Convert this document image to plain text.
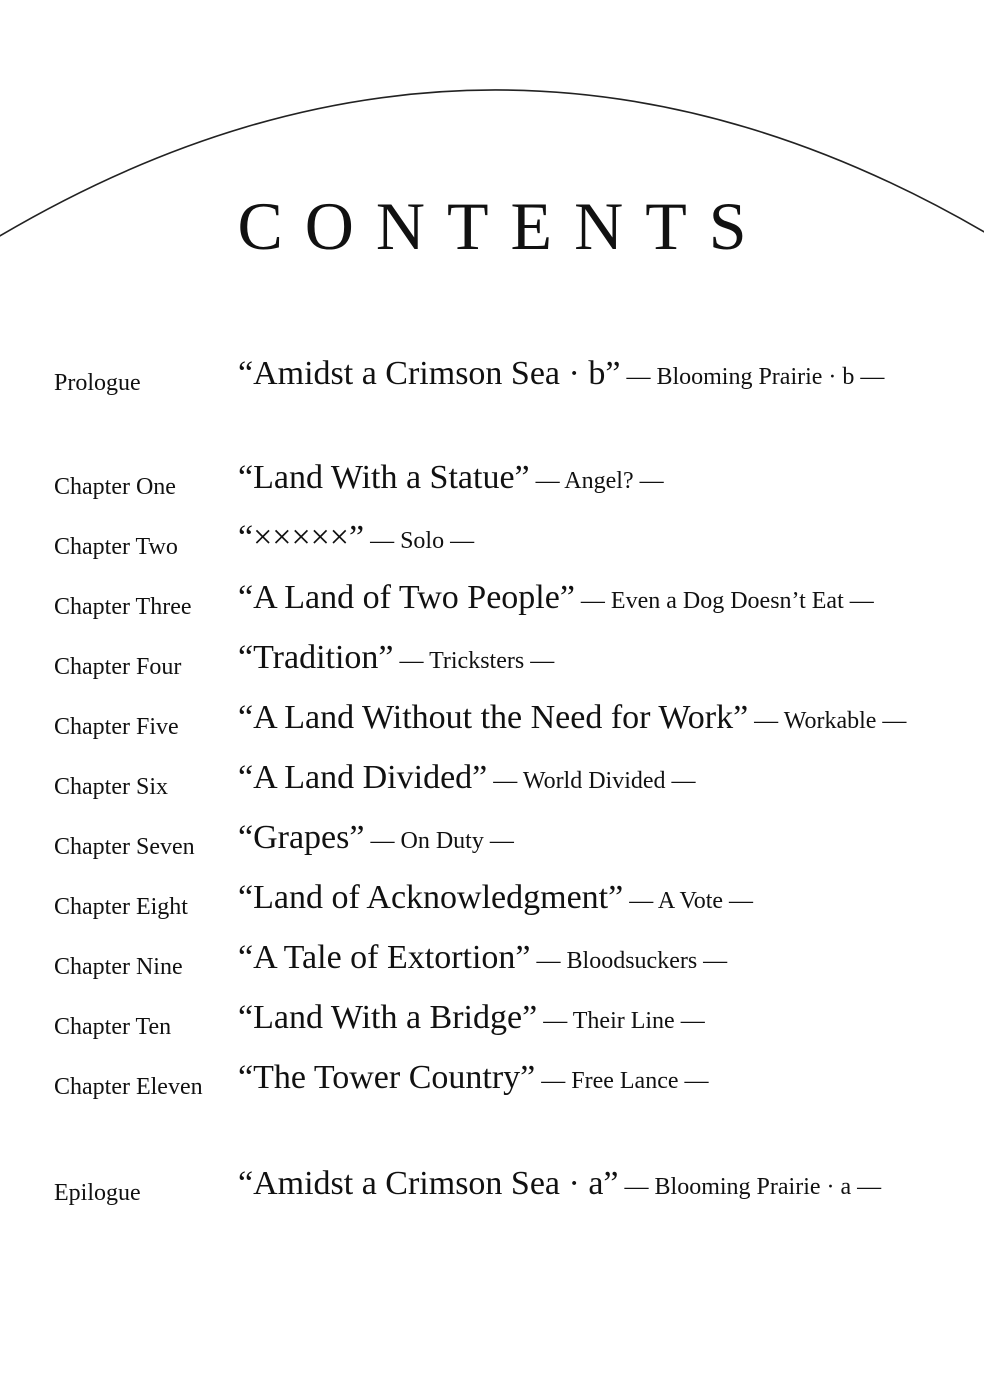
CONTENTS
Prologue	“Amidst a Crimson Sea · b” — Blooming Prairie · b —
Chapter One “Land With a Statue” — Angel? —
Chapter Two “×××××” — Solo —
Chapter Three “A Land of Two People” — Even a Dog Doesn’t Eat —
Chapter Four “Tradition” — Tricksters —
Chapter Five “A Land Without the Need for Work” — Workable —
Chapter Six “A Land Divided” — World Divided —
Chapter Seven “Grapes” — On Duty —
Chapter Eight “Land of Acknowledgment” — A Vote —
Chapter Nine “A Tale of Extortion” — Bloodsuckers —
Chapter Ten “Land With a Bridge” — Their Line —
Chapter Eleven “The Tower Country” — Free Lance —
Epilogue	“Amidst a Crimson Sea · a” — Blooming Prairie · a —
